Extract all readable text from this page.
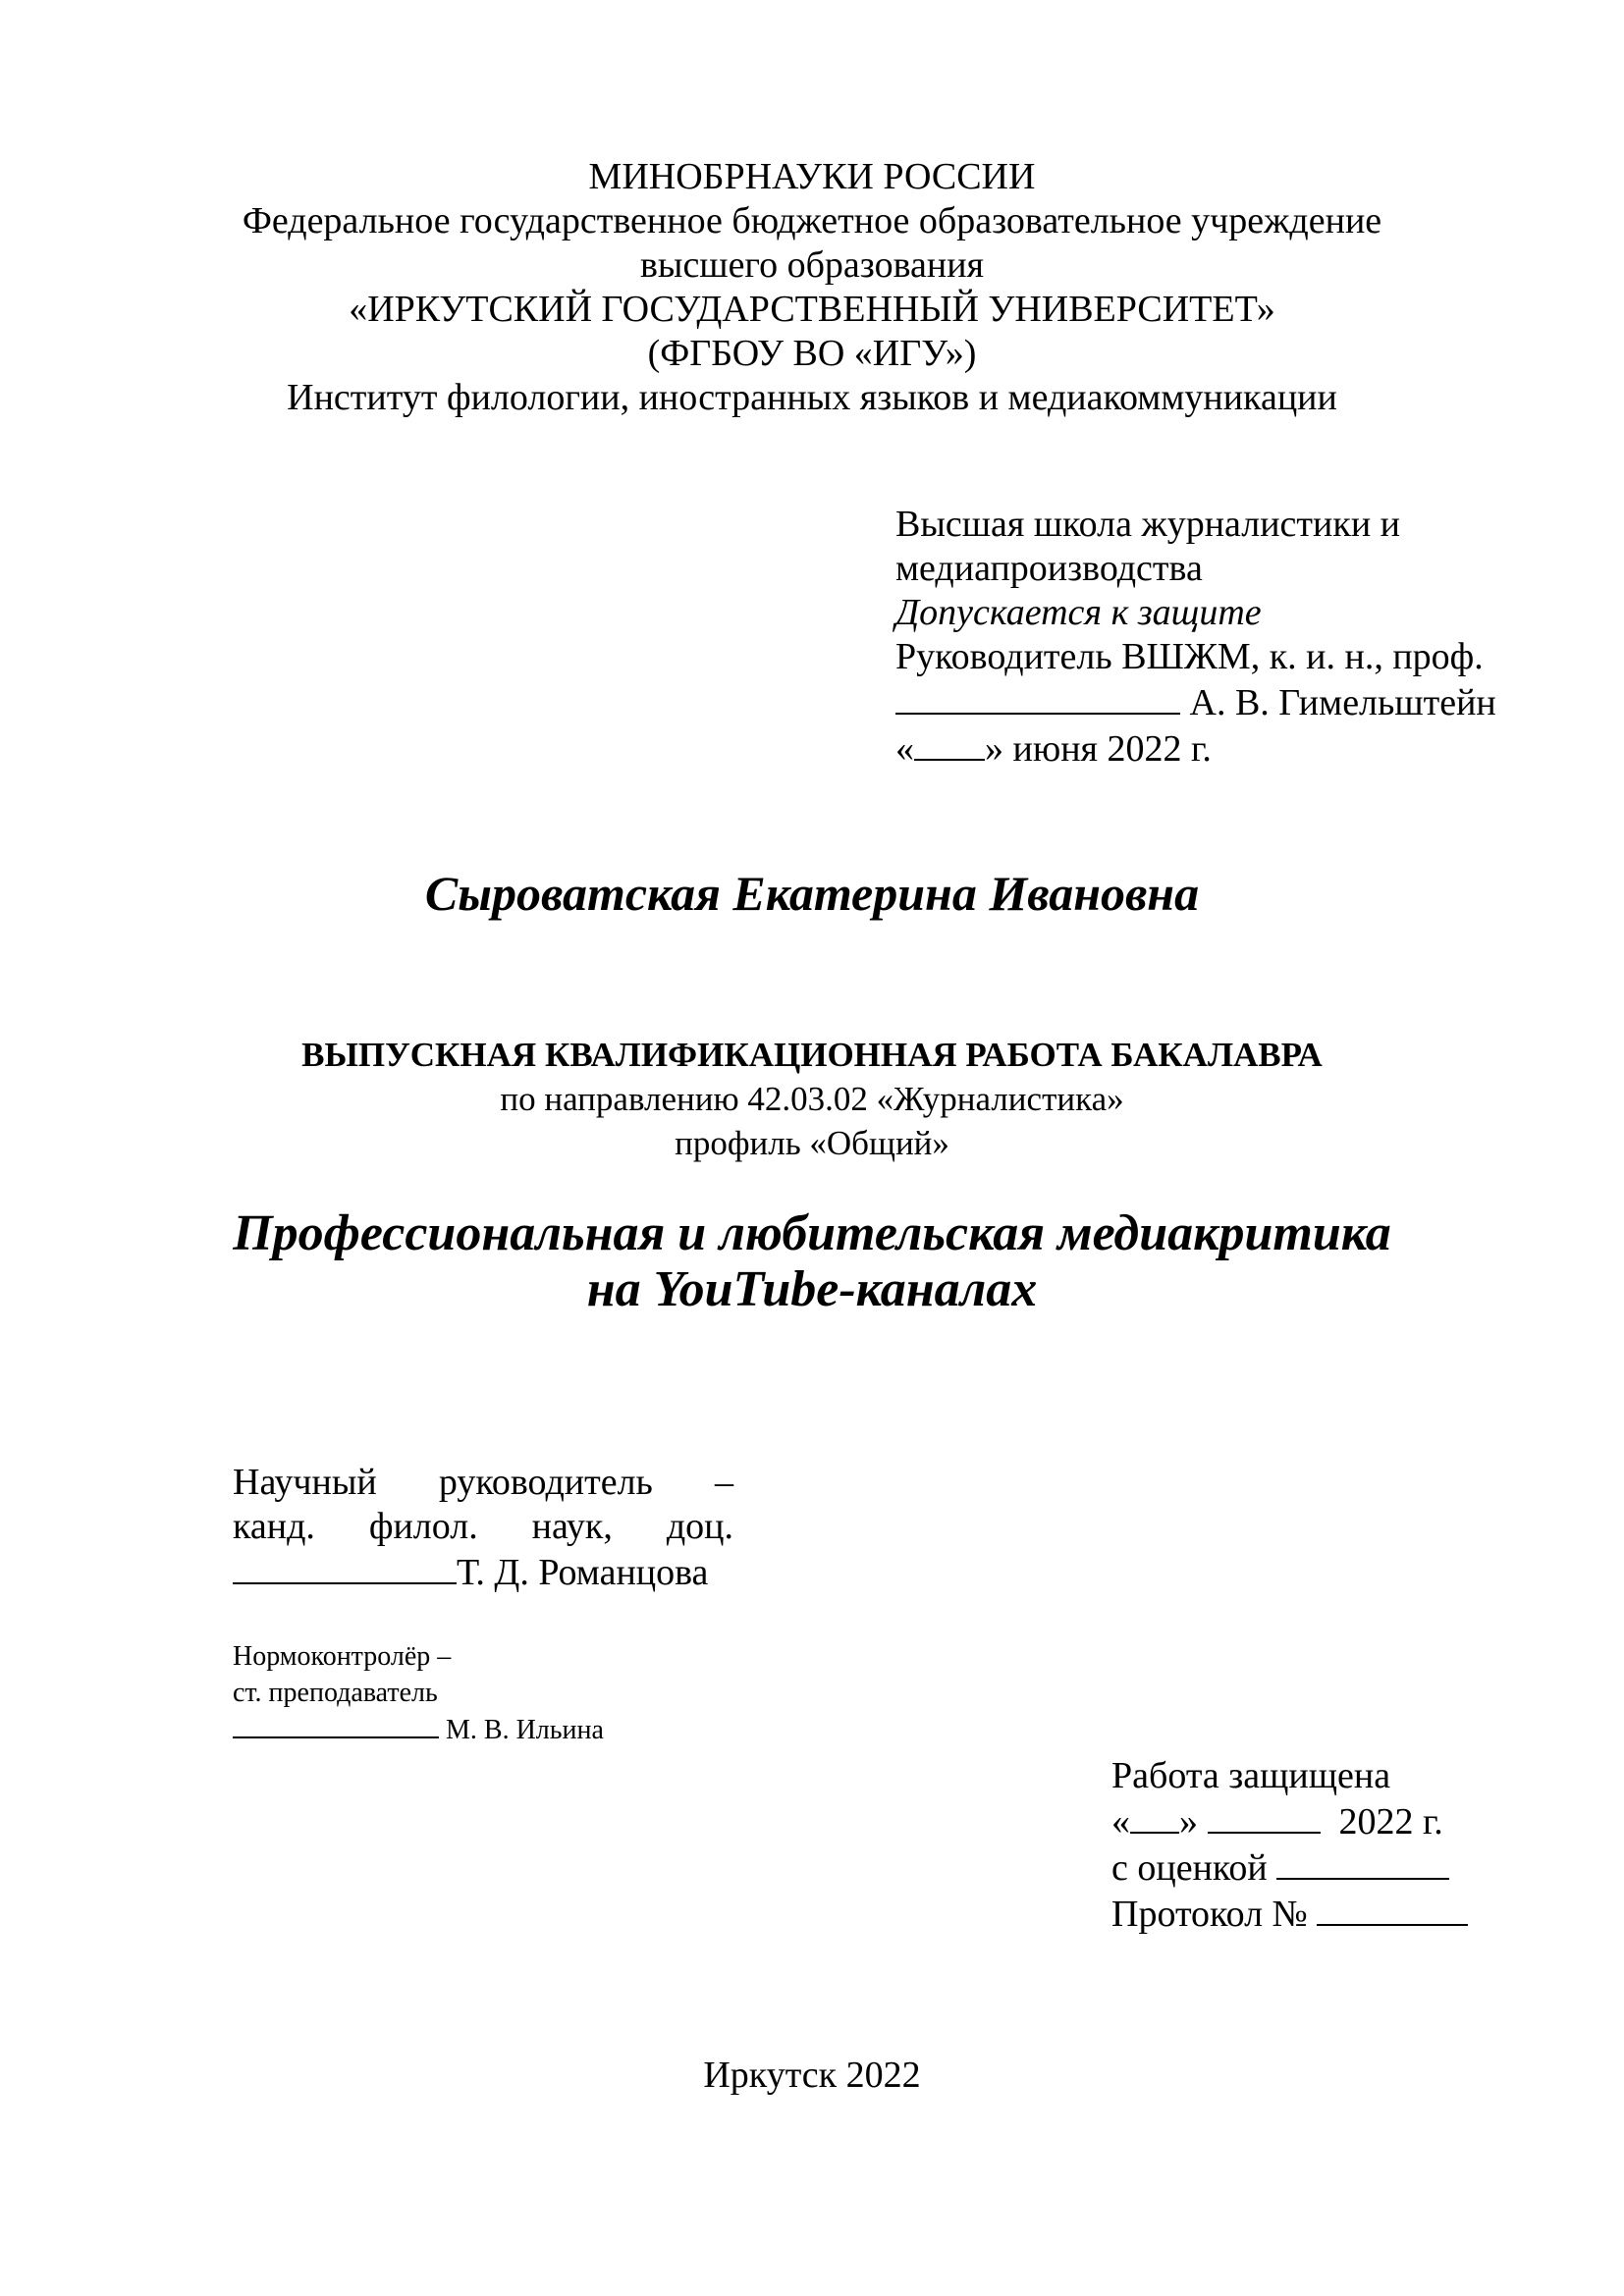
МИНОБРНАУКИ РОССИИ
Федеральное государственное бюджетное образовательное учреждение
высшего образования
«ИРКУТСКИЙ ГОСУДАРСТВЕННЫЙ УНИВЕРСИТЕТ»
(ФГБОУ ВО «ИГУ»)
Институт филологии, иностранных языков и медиакоммуникации
Высшая школа журналистики и
медиапроизводства
Допускается к защите
Руководитель ВШЖМ, к. и. н., проф.
А. В. Гимельштейн
« » июня 2022 г.
Сыроватская Екатерина Ивановна
ВЫПУСКНАЯ КВАЛИФИКАЦИОННАЯ РАБОТА БАКАЛАВРА
по направлению 42.03.02 «Журналистика»
профиль «Общий»
Профессиональная и любительская медиакритика
на YouTube-каналах
Научный руководитель –
канд. филол. наук, доц.
Т. Д. Романцова
Нормоконтролёр –
ст. преподаватель
М. В. Ильина
Работа защищена
« »	2022 г.
с оценкой
Протокол №
Иркутск 2022
